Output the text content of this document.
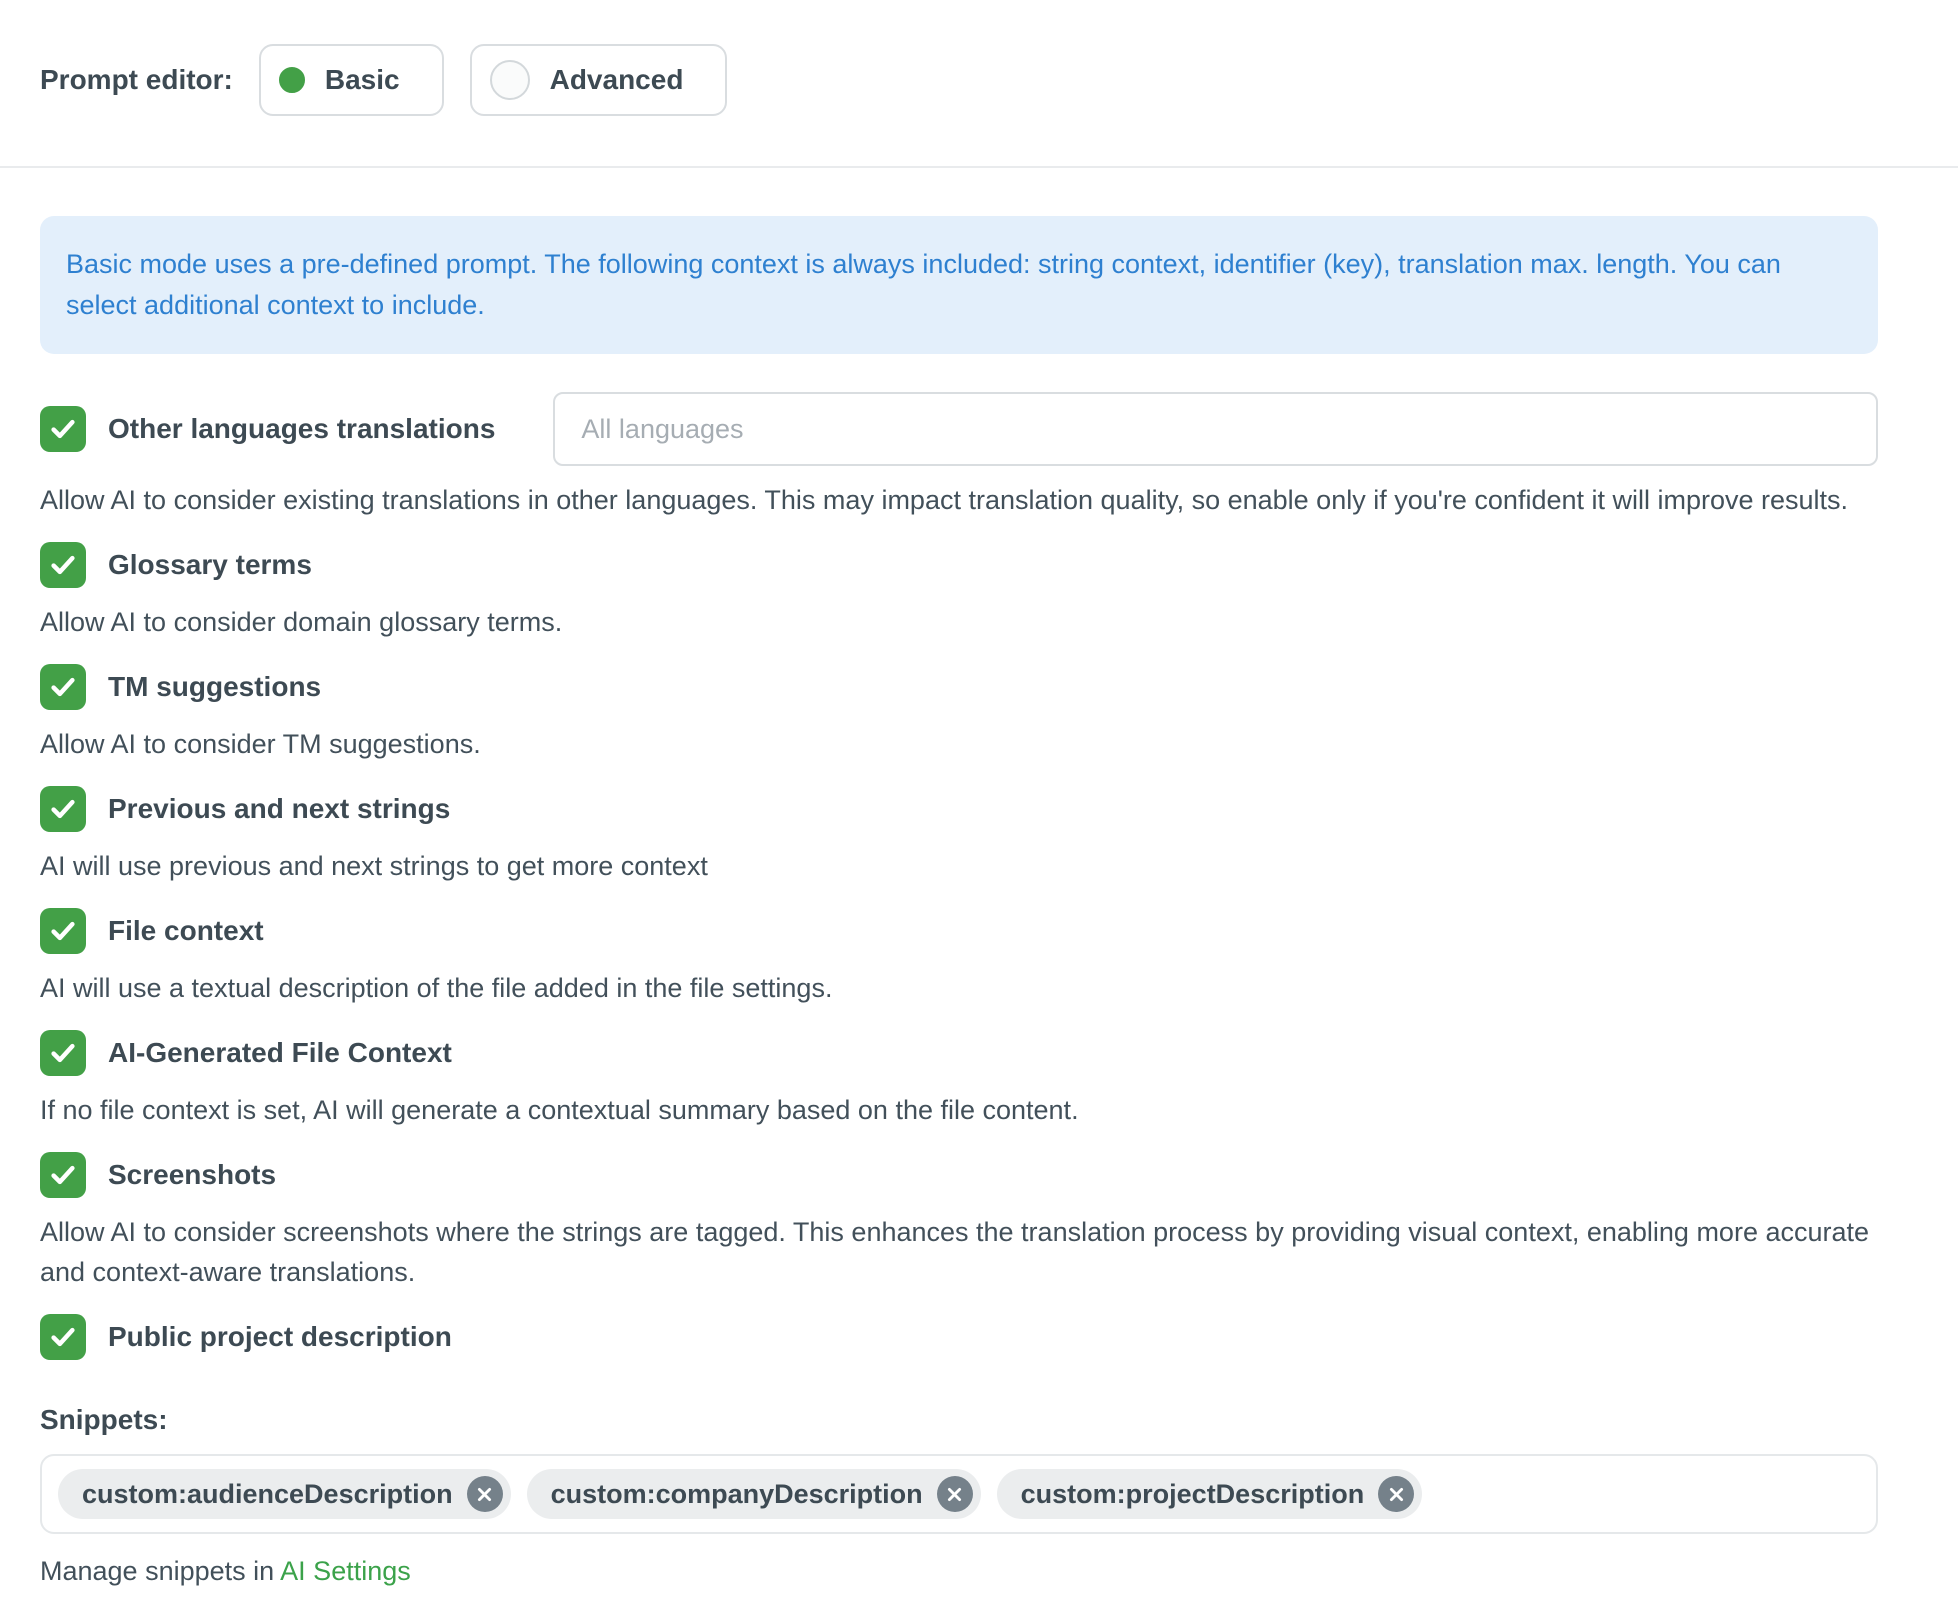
Prompt editor:	Basic	Advanced
Basic mode uses a pre-defined prompt. The following context is always included: string context, identifier (key), translation max. length. You can select additional context to include.
Other languages translations
All languages
Allow AI to consider existing translations in other languages. This may impact translation quality, so enable only if you're confident it will improve results.
Glossary terms
Allow AI to consider domain glossary terms.
TM suggestions
Allow AI to consider TM suggestions.
Previous and next strings
AI will use previous and next strings to get more context
File context
AI will use a textual description of the file added in the file settings.
AI-Generated File Context
If no file context is set, AI will generate a contextual summary based on the file content.
Screenshots
Allow AI to consider screenshots where the strings are tagged. This enhances the translation process by providing visual context, enabling more accurate and context-aware translations.
Public project description
Snippets:
custom:audienceDescription	custom:companyDescription	custom:projectDescription
Manage snippets in AI Settings
